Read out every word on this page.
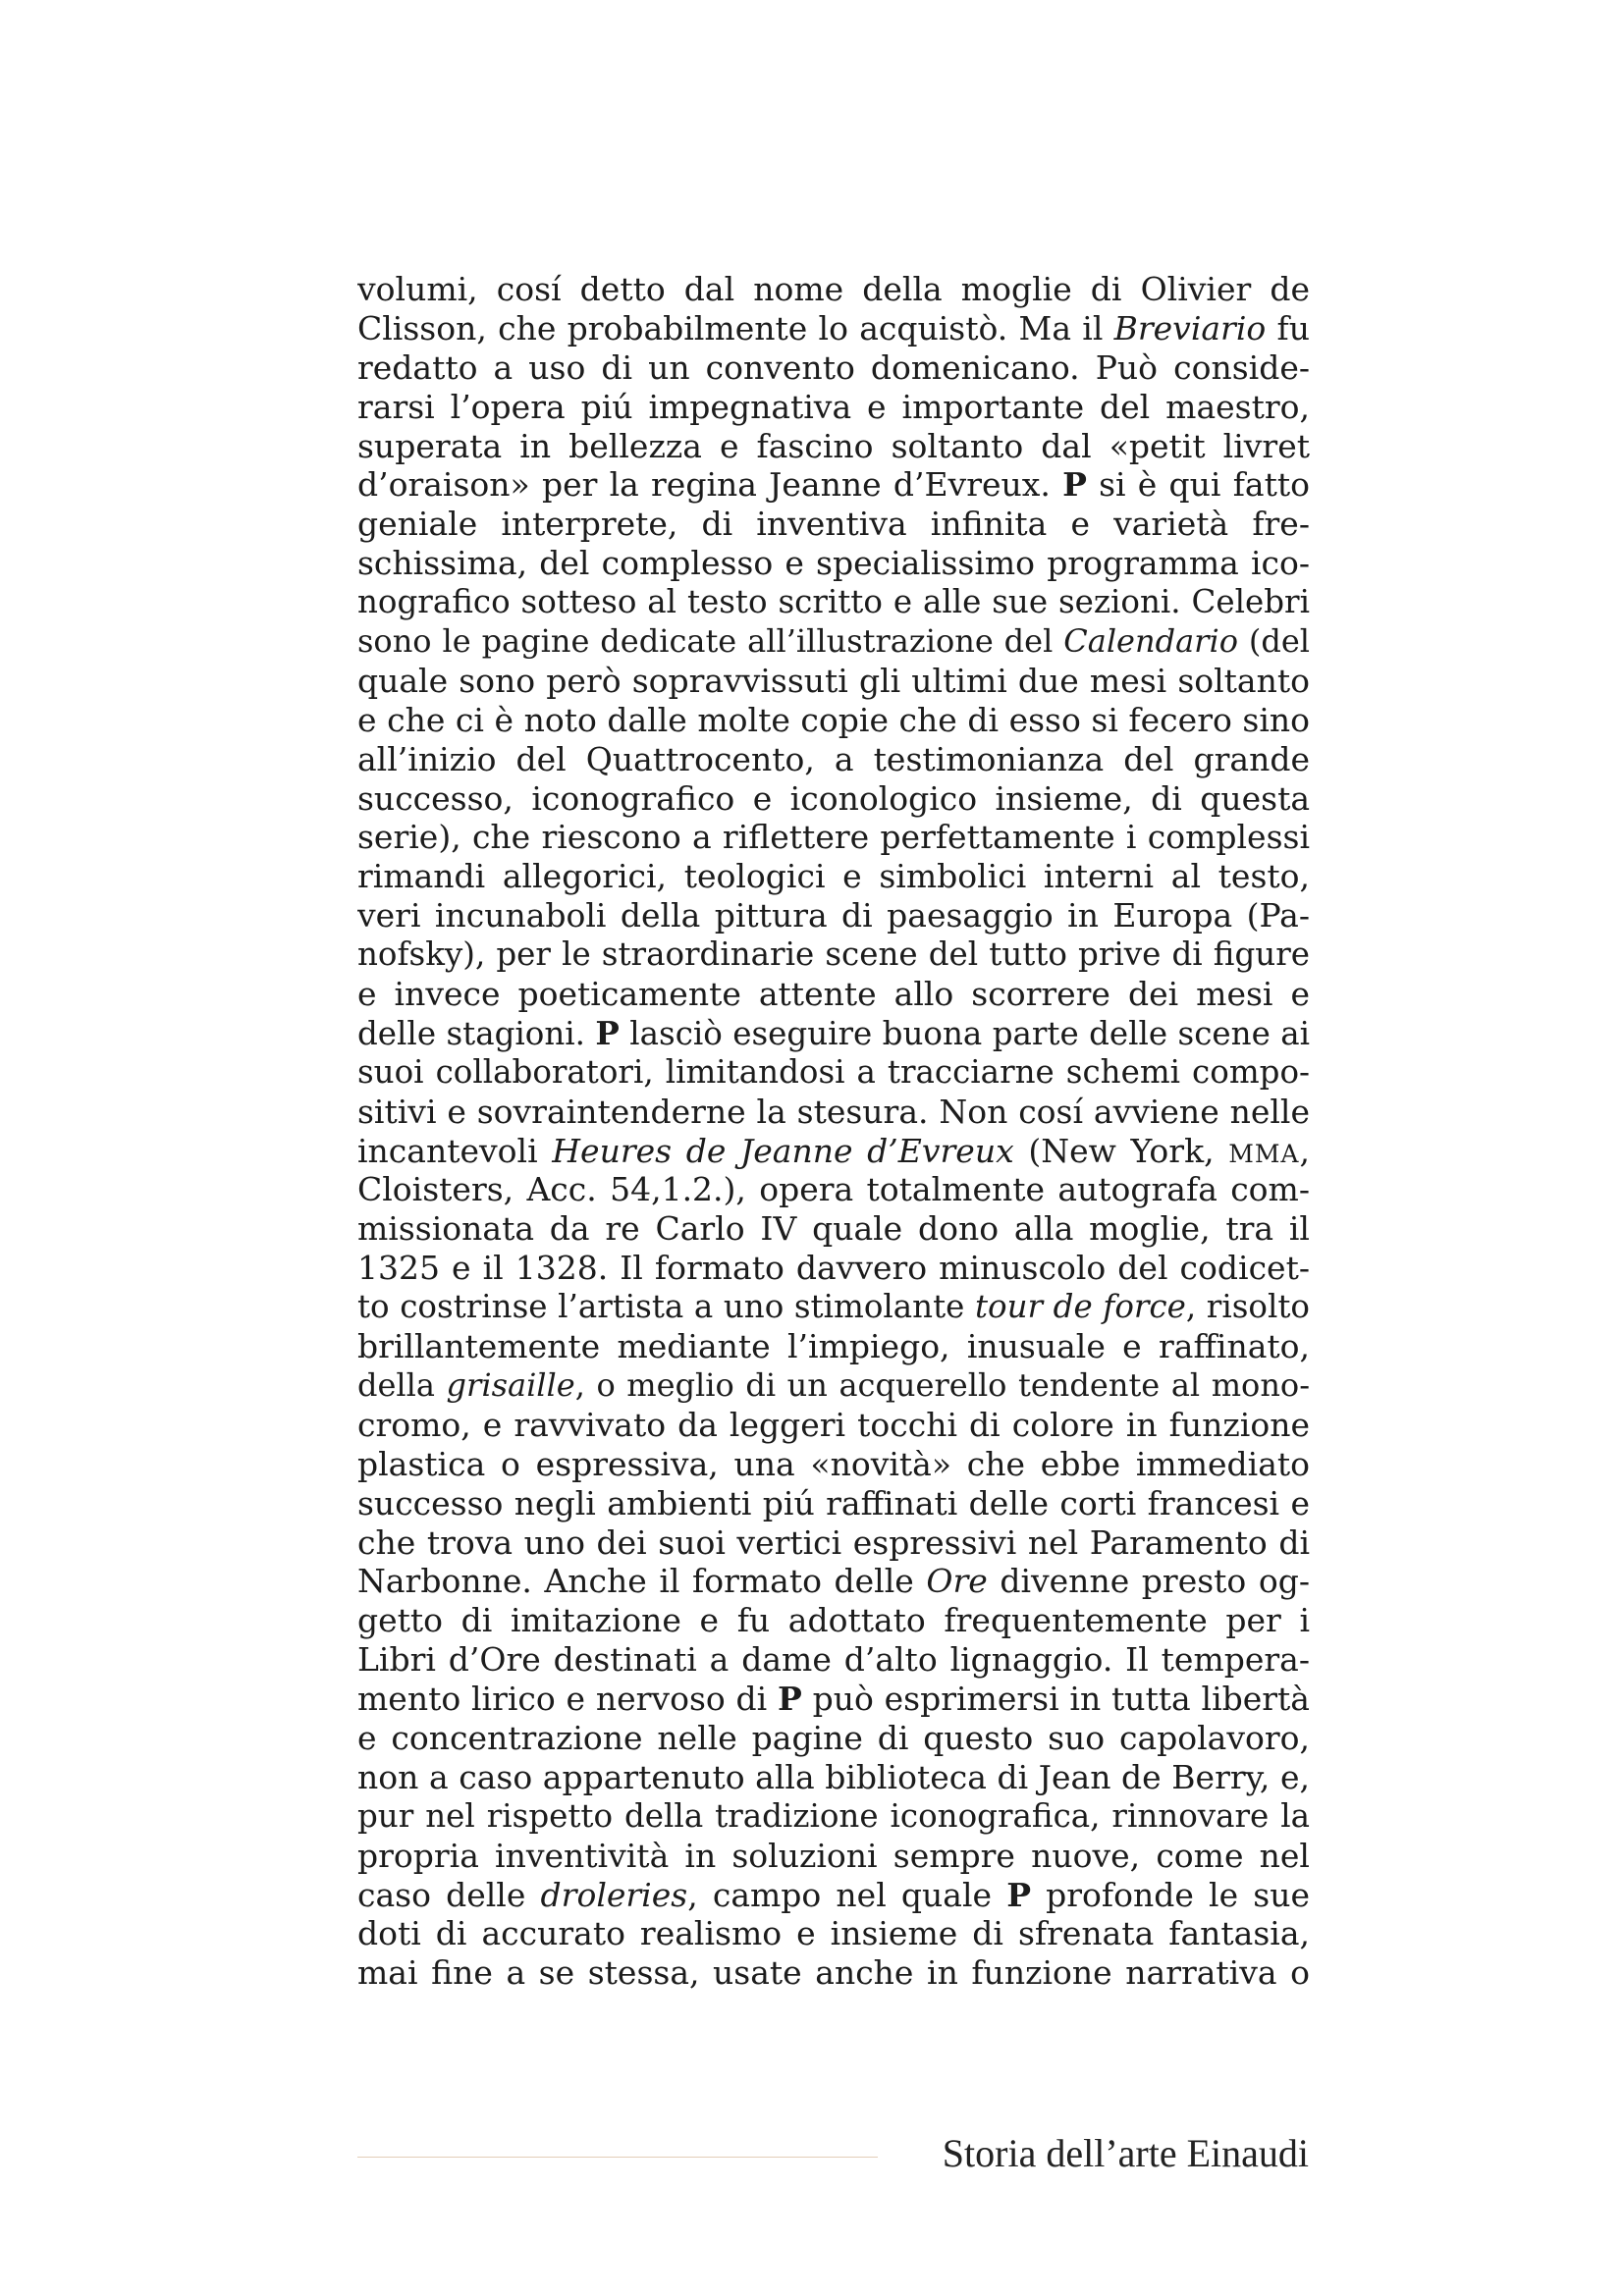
volumi, cosí detto dal nome della moglie di Olivier de
Clisson, che probabilmente lo acquistò. Ma il Breviario fu
redatto a uso di un convento domenicano. Può conside-
rarsi l’opera piú impegnativa e importante del maestro,
superata in bellezza e fascino soltanto dal «petit livret
d’oraison» per la regina Jeanne d’Evreux. P si è qui fatto
geniale interprete, di inventiva infinita e varietà fre-
schissima, del complesso e specialissimo programma ico-
nografico sotteso al testo scritto e alle sue sezioni. Celebri
sono le pagine dedicate all’illustrazione del Calendario (del
quale sono però sopravvissuti gli ultimi due mesi soltanto
e che ci è noto dalle molte copie che di esso si fecero sino
all’inizio del Quattrocento, a testimonianza del grande
successo, iconografico e iconologico insieme, di questa
serie), che riescono a riflettere perfettamente i complessi
rimandi allegorici, teologici e simbolici interni al testo,
veri incunaboli della pittura di paesaggio in Europa (Pa-
nofsky), per le straordinarie scene del tutto prive di figure
e invece poeticamente attente allo scorrere dei mesi e
delle stagioni. P lasciò eseguire buona parte delle scene ai
suoi collaboratori, limitandosi a tracciarne schemi compo-
sitivi e sovraintenderne la stesura. Non cosí avviene nelle
incantevoli Heures de Jeanne d’Evreux (New York, MMA,
Cloisters, Acc. 54,1.2.), opera totalmente autografa com-
missionata da re Carlo IV quale dono alla moglie, tra il
1325 e il 1328. Il formato davvero minuscolo del codicet-
to costrinse l’artista a uno stimolante tour de force, risolto
brillantemente mediante l’impiego, inusuale e raffinato,
della grisaille, o meglio di un acquerello tendente al mono-
cromo, e ravvivato da leggeri tocchi di colore in funzione
plastica o espressiva, una «novità» che ebbe immediato
successo negli ambienti piú raffinati delle corti francesi e
che trova uno dei suoi vertici espressivi nel Paramento di
Narbonne. Anche il formato delle Ore divenne presto og-
getto di imitazione e fu adottato frequentemente per i
Libri d’Ore destinati a dame d’alto lignaggio. Il tempera-
mento lirico e nervoso di P può esprimersi in tutta libertà
e concentrazione nelle pagine di questo suo capolavoro,
non a caso appartenuto alla biblioteca di Jean de Berry, e,
pur nel rispetto della tradizione iconografica, rinnovare la
propria inventività in soluzioni sempre nuove, come nel
caso delle droleries, campo nel quale P profonde le sue
doti di accurato realismo e insieme di sfrenata fantasia,
mai fine a se stessa, usate anche in funzione narrativa o
Storia dell’arte Einaudi
